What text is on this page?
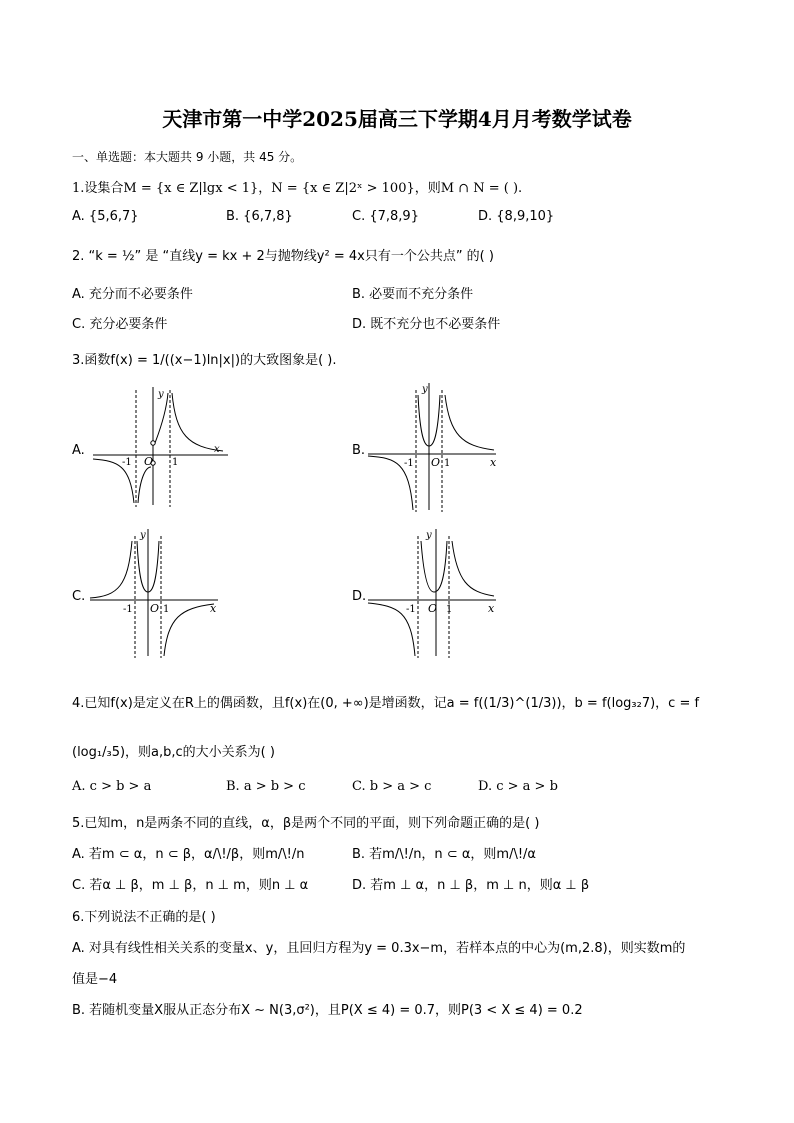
天津市第一中学2025届高三下学期4月月考数学试卷
一、单选题：本大题共 9 小题，共 45 分。
1.设集合M = {x ∈ Z|lgx < 1}，N = {x ∈ Z|2ˣ > 100}，则M ∩ N = ( ).
A. {5,6,7}	B. {6,7,8}	C. {7,8,9}	D. {8,9,10}
2. “k = ½” 是 “直线y = kx + 2与抛物线y² = 4x只有一个公共点” 的( )
A. 充分而不必要条件	B. 必要而不充分条件
C. 充分必要条件	D. 既不充分也不必要条件
3.函数f(x) = 1/((x−1)ln|x|)的大致图象是( ).
A.	B.
C.	D.
y
x
O
-1	1
y
x
O
-1	1
y
x
O
-1	1
y
x
O
-1	1
4.已知f(x)是定义在R上的偶函数，且f(x)在(0, +∞)是增函数，记a = f((1/3)^(1/3))，b = f(log₃₂7)，c = f
(log₁/₃5)，则a,b,c的大小关系为( )
A. c > b > a	B. a > b > c	C. b > a > c	D. c > a > b
5.已知m，n是两条不同的直线，α，β是两个不同的平面，则下列命题正确的是( )
A. 若m ⊂ α，n ⊂ β，α/\!/β，则m/\!/n	B. 若m/\!/n，n ⊂ α，则m/\!/α
C. 若α ⊥ β，m ⊥ β，n ⊥ m，则n ⊥ α	D. 若m ⊥ α，n ⊥ β，m ⊥ n，则α ⊥ β
6.下列说法不正确的是( )
A. 对具有线性相关关系的变量x、y，且回归方程为y = 0.3x−m，若样本点的中心为(m,2.8)，则实数m的
值是−4
B. 若随机变量X服从正态分布X ~ N(3,σ²)，且P(X ≤ 4) = 0.7，则P(3 < X ≤ 4) = 0.2
